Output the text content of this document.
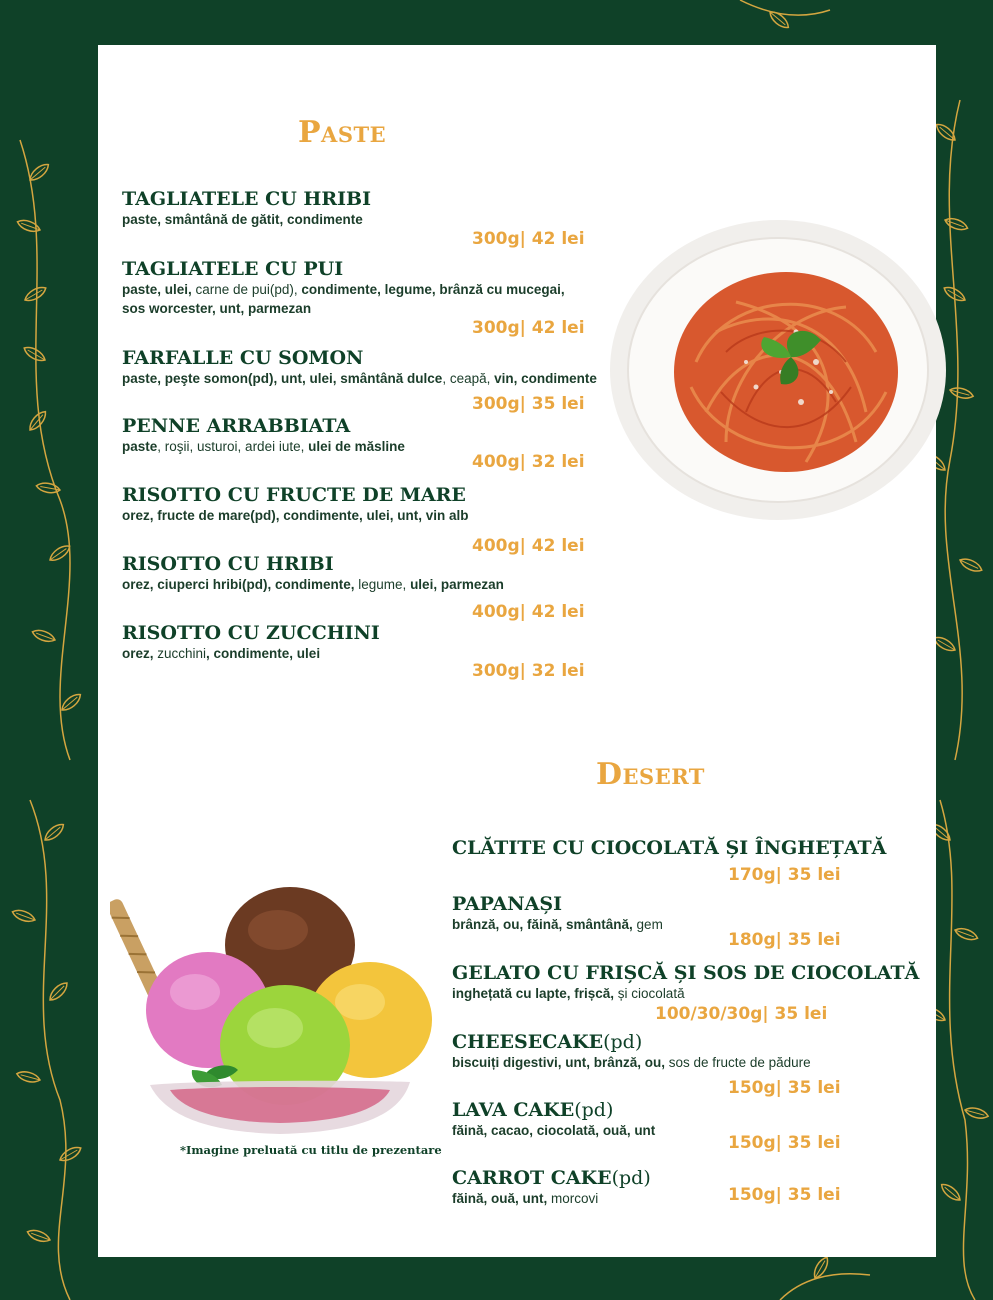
Paste
TAGLIATELE CU HRIBI
paste, smântână de gătit, condimente
300g| 42 lei
TAGLIATELE CU PUI
paste, ulei, carne de pui(pd), condimente, legume, brânză cu mucegai,
sos worcester, unt, parmezan
300g| 42 lei
FARFALLE CU SOMON
paste, peşte somon(pd), unt, ulei, smântână dulce, ceapă, vin, condimente
300g| 35 lei
PENNE ARRABBIATA
paste, roşii, usturoi, ardei iute, ulei de măsline
400g| 32 lei
RISOTTO CU FRUCTE DE MARE
orez, fructe de mare(pd), condimente, ulei, unt, vin alb
400g| 42 lei
RISOTTO CU HRIBI
orez, ciuperci hribi(pd), condimente, legume, ulei, parmezan
400g| 42 lei
RISOTTO CU ZUCCHINI
orez, zucchini, condimente, ulei
300g| 32 lei
Desert
CLĂTITE CU CIOCOLATĂ ȘI ÎNGHEȚATĂ
170g| 35 lei
PAPANAȘI
brânză, ou, făină, smântână, gem
180g| 35 lei
GELATO CU FRIȘCĂ ȘI SOS DE CIOCOLATĂ
inghețată cu lapte, frișcă, și ciocolată
100/30/30g| 35 lei
CHEESECAKE(pd)
biscuiți digestivi, unt, brânză, ou, sos de fructe de pădure
150g| 35 lei
LAVA CAKE(pd)
făină, cacao, ciocolată, ouă, unt
150g| 35 lei
CARROT CAKE(pd)
făină, ouă, unt, morcovi	150g| 35 lei
*Imagine preluată cu titlu de prezentare
